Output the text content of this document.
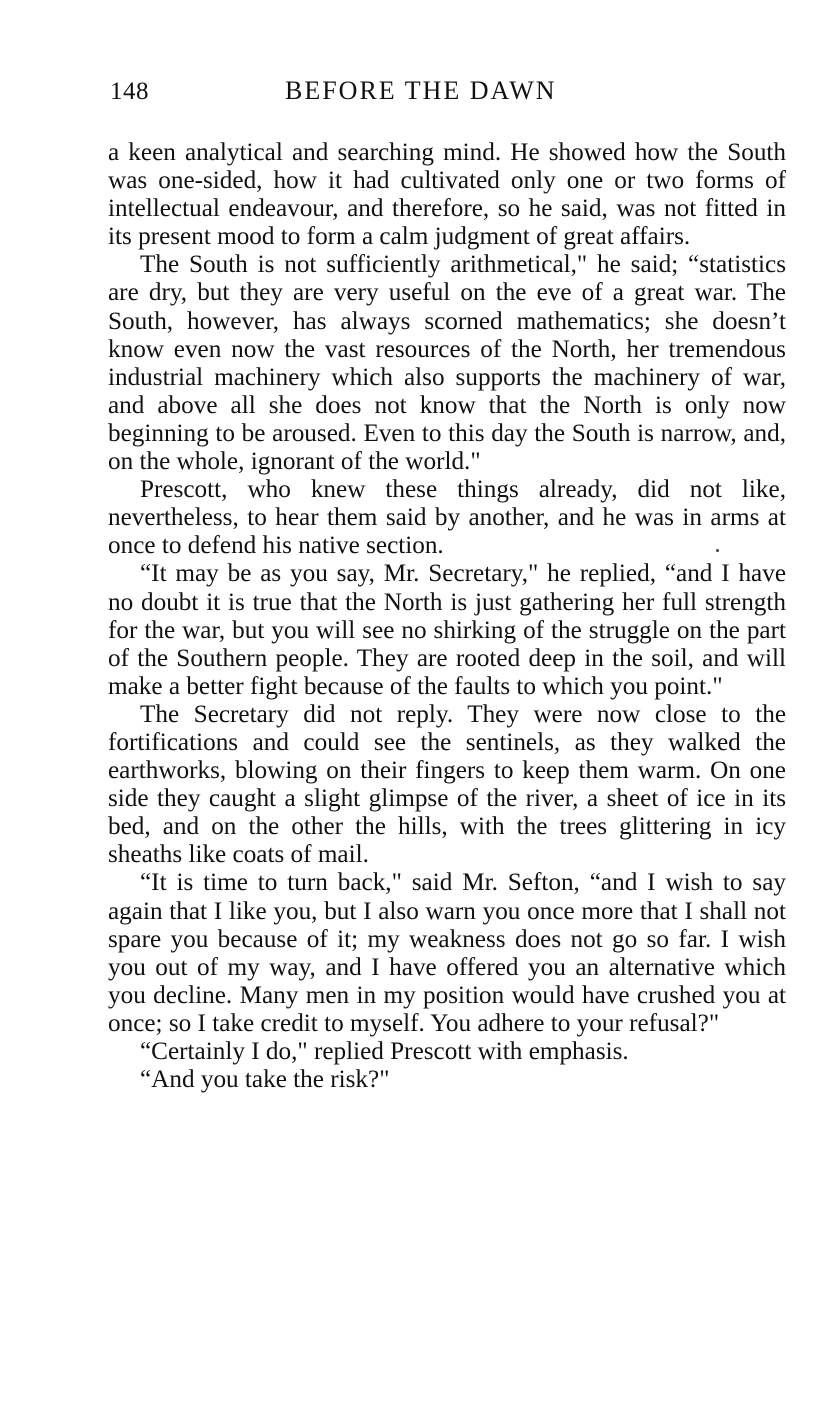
148	BEFORE THE DAWN

a keen analytical and searching mind. He showed how the South was one-sided, how it had cultivated only one or two forms of intellectual endeavour, and therefore, so he said, was not fitted in its present mood to form a calm judgment of great affairs.

The South is not sufficiently arithmetical," he said; “statistics are dry, but they are very useful on the eve of a great war. The South, however, has always scorned mathematics; she doesn’t know even now the vast resources of the North, her tremendous industrial machinery which also supports the machinery of war, and above all she does not know that the North is only now beginning to be aroused. Even to this day the South is narrow, and, on the whole, ignorant of the world."

Prescott, who knew these things already, did not like, nevertheless, to hear them said by another, and he was in arms at once to defend his native section.

“It may be as you say, Mr. Secretary," he replied, “and I have no doubt it is true that the North is just gathering her full strength for the war, but you will see no shirking of the struggle on the part of the Southern people. They are rooted deep in the soil, and will make a better fight because of the faults to which you point."

The Secretary did not reply. They were now close to the fortifications and could see the sentinels, as they walked the earthworks, blowing on their fingers to keep them warm. On one side they caught a slight glimpse of the river, a sheet of ice in its bed, and on the other the hills, with the trees glittering in icy sheaths like coats of mail.

“It is time to turn back," said Mr. Sefton, “and I wish to say again that I like you, but I also warn you once more that I shall not spare you because of it; my weakness does not go so far. I wish you out of my way, and I have offered you an alternative which you decline. Many men in my position would have crushed you at once; so I take credit to myself. You adhere to your refusal?"

“Certainly I do," replied Prescott with emphasis.

“And you take the risk?"
